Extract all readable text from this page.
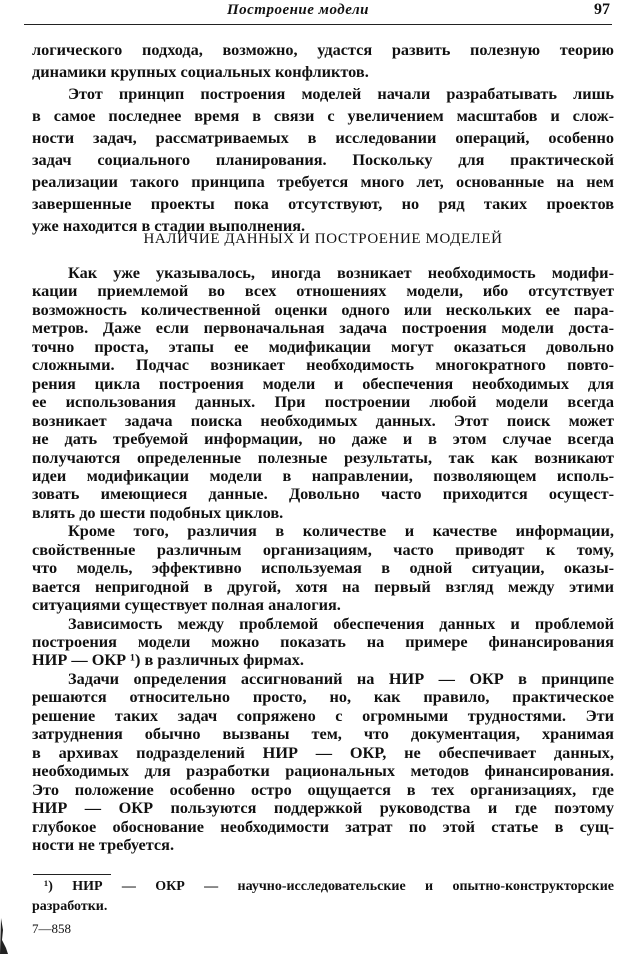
Построение модели	97
логического подхода, возможно, удастся развить полезную теорию
динамики крупных социальных конфликтов.
Этот принцип построения моделей начали разрабатывать лишь
в самое последнее время в связи с увеличением масштабов и слож-
ности задач, рассматриваемых в исследовании операций, особенно
задач социального планирования. Поскольку для практической
реализации такого принципа требуется много лет, основанные на нем
завершенные проекты пока отсутствуют, но ряд таких проектов
уже находится в стадии выполнения.
НАЛИЧИЕ ДАННЫХ И ПОСТРОЕНИЕ МОДЕЛЕЙ
Как уже указывалось, иногда возникает необходимость модифи-
кации приемлемой во всех отношениях модели, ибо отсутствует
возможность количественной оценки одного или нескольких ее пара-
метров. Даже если первоначальная задача построения модели доста-
точно проста, этапы ее модификации могут оказаться довольно
сложными. Подчас возникает необходимость многократного повто-
рения цикла построения модели и обеспечения необходимых для
ее использования данных. При построении любой модели всегда
возникает задача поиска необходимых данных. Этот поиск может
не дать требуемой информации, но даже и в этом случае всегда
получаются определенные полезные результаты, так как возникают
идеи модификации модели в направлении, позволяющем исполь-
зовать имеющиеся данные. Довольно часто приходится осущест-
влять до шести подобных циклов.
Кроме того, различия в количестве и качестве информации,
свойственные различным организациям, часто приводят к тому,
что модель, эффективно используемая в одной ситуации, оказы-
вается непригодной в другой, хотя на первый взгляд между этими
ситуациями существует полная аналогия.
Зависимость между проблемой обеспечения данных и проблемой
построения модели можно показать на примере финансирования
НИР — ОКР ¹) в различных фирмах.
Задачи определения ассигнований на НИР — ОКР в принципе
решаются относительно просто, но, как правило, практическое
решение таких задач сопряжено с огромными трудностями. Эти
затруднения обычно вызваны тем, что документация, хранимая
в архивах подразделений НИР — ОКР, не обеспечивает данных,
необходимых для разработки рациональных методов финансирования.
Это положение особенно остро ощущается в тех организациях, где
НИР — ОКР пользуются поддержкой руководства и где поэтому
глубокое обоснование необходимости затрат по этой статье в сущ-
ности не требуется.
¹) НИР — ОКР — научно-исследовательские и опытно-конструкторские
разработки.
7—858
